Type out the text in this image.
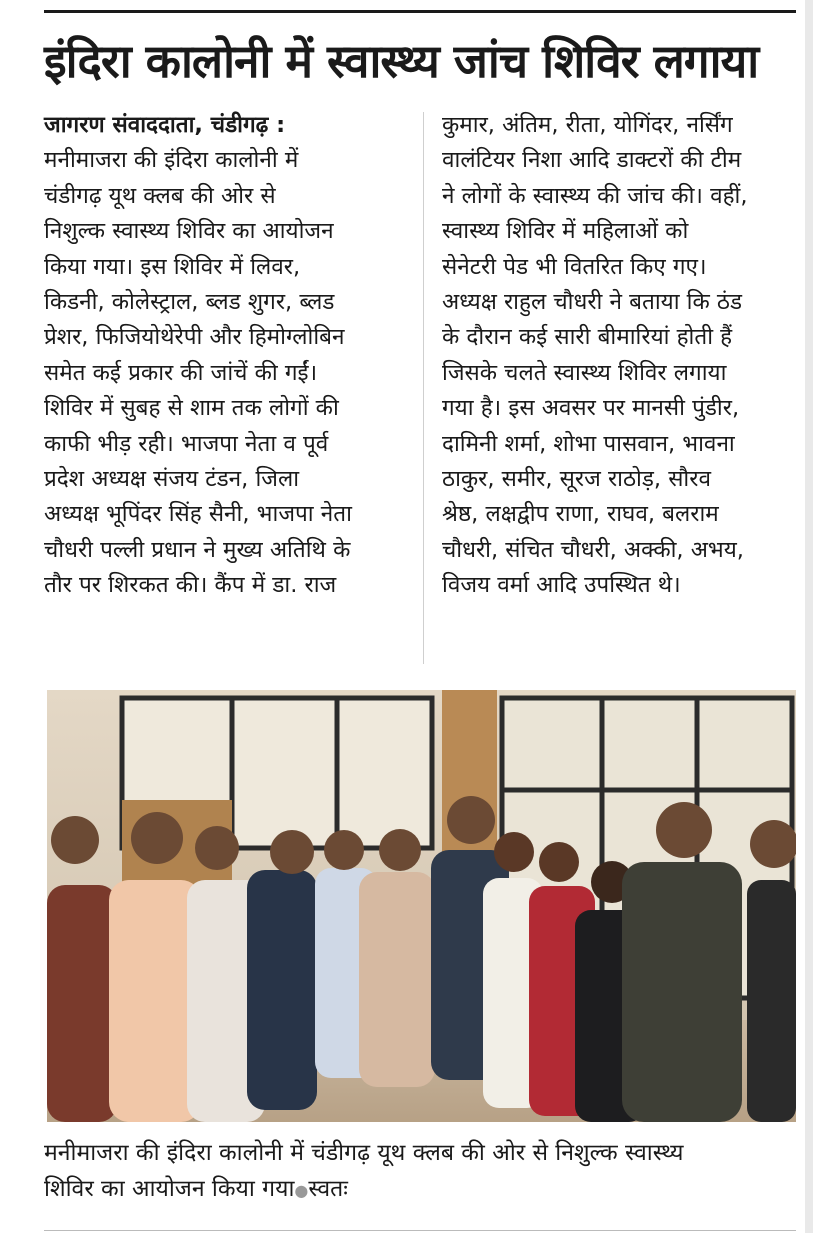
इंदिरा कालोनी में स्वास्थ्य जांच शिविर लगाया
जागरण संवाददाता, चंडीगढ़ :
मनीमाजरा की इंदिरा कालोनी में
चंडीगढ़ यूथ क्लब की ओर से
निशुल्क स्वास्थ्य शिविर का आयोजन
किया गया। इस शिविर में लिवर,
किडनी, कोलेस्ट्राल, ब्लड शुगर, ब्लड
प्रेशर, फिजियोथेरेपी और हिमोग्लोबिन
समेत कई प्रकार की जांचें की गईं।
शिविर में सुबह से शाम तक लोगों की
काफी भीड़ रही। भाजपा नेता व पूर्व
प्रदेश अध्यक्ष संजय टंडन, जिला
अध्यक्ष भूपिंदर सिंह सैनी, भाजपा नेता
चौधरी पल्ली प्रधान ने मुख्य अतिथि के
तौर पर शिरकत की। कैंप में डा. राज
कुमार, अंतिम, रीता, योगिंदर, नर्सिंग
वालंटियर निशा आदि डाक्टरों की टीम
ने लोगों के स्वास्थ्य की जांच की। वहीं,
स्वास्थ्य शिविर में महिलाओं को
सेनेटरी पेड भी वितरित किए गए।
अध्यक्ष राहुल चौधरी ने बताया कि ठंड
के दौरान कई सारी बीमारियां होती हैं
जिसके चलते स्वास्थ्य शिविर लगाया
गया है। इस अवसर पर मानसी पुंडीर,
दामिनी शर्मा, शोभा पासवान, भावना
ठाकुर, समीर, सूरज राठोड़, सौरव
श्रेष्ठ, लक्षद्वीप राणा, राघव, बलराम
चौधरी, संचित चौधरी, अक्की, अभय,
विजय वर्मा आदि उपस्थित थे।
मनीमाजरा की इंदिरा कालोनी में चंडीगढ़ यूथ क्लब की ओर से निशुल्क स्वास्थ्य
शिविर का आयोजन किया गया●स्वतः
